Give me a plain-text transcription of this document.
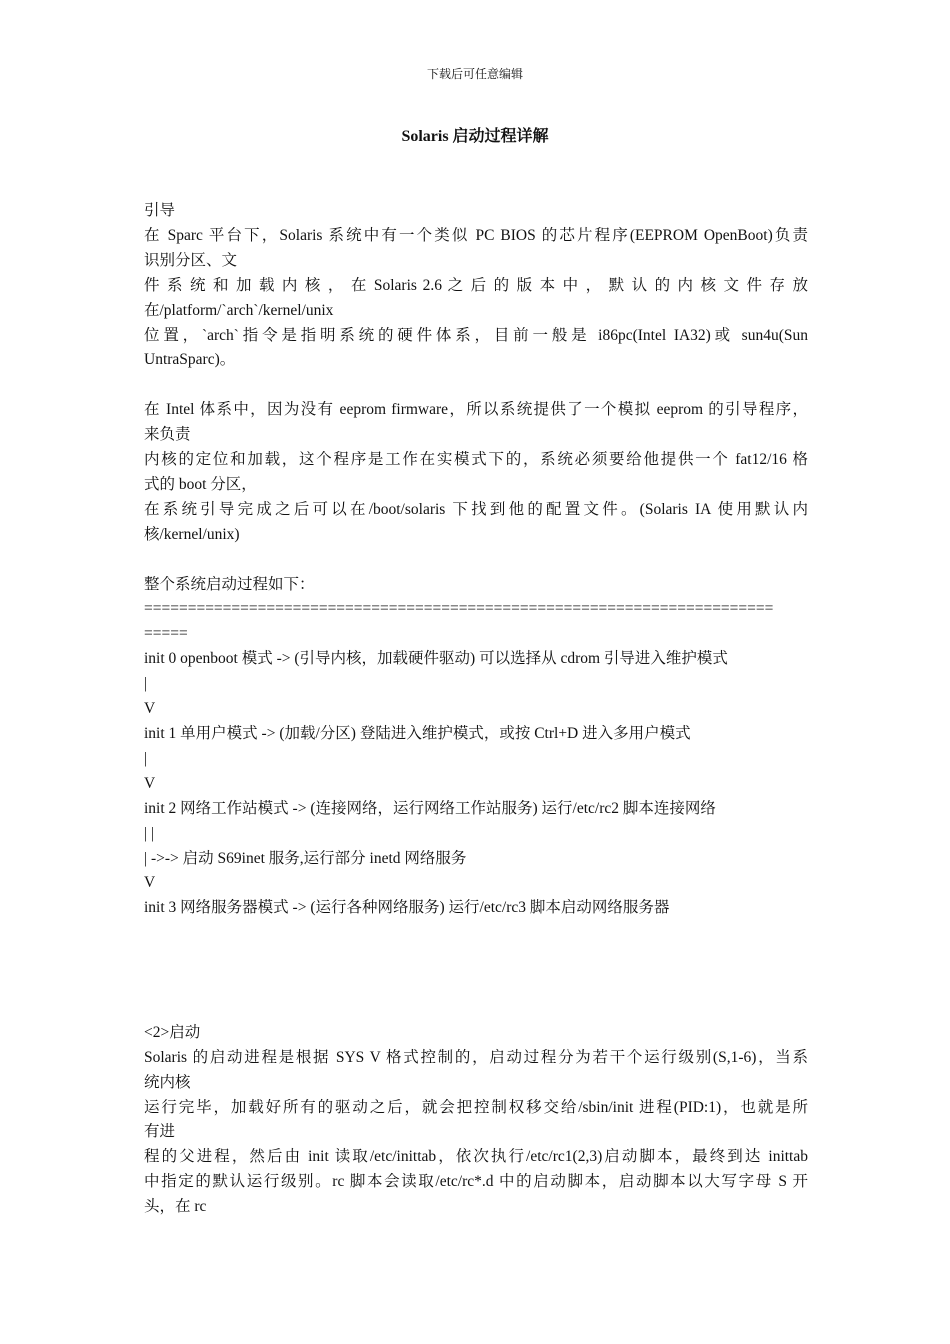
下载后可任意编辑
Solaris 启动过程详解

引导

在 Sparc 平台下，Solaris 系统中有一个类似 PC BIOS 的芯片程序(EEPROM OpenBoot)负责

识别分区、文

件 系 统 和 加 载 内 核 ， 在 Solaris 2.6 之 后 的 版 本 中 ， 默 认 的 内 核 文 件 存 放

在/platform/`arch`/kernel/unix

位置，`arch`指令是指明系统的硬件体系，目前一般是 i86pc(Intel IA32)或 sun4u(Sun

UntraSparc)。

在 Intel 体系中，因为没有 eeprom firmware，所以系统提供了一个模拟 eeprom 的引导程序，

来负责

内核的定位和加载，这个程序是工作在实模式下的，系统必须要给他提供一个 fat12/16 格

式的 boot 分区，

在系统引导完成之后可以在/boot/solaris 下找到他的配置文件。(Solaris IA 使用默认内

核/kernel/unix)

整个系统启动过程如下：

========================================================================

=====

init 0 openboot 模式 -> (引导内核，加载硬件驱动) 可以选择从 cdrom 引导进入维护模式

|

V

init 1 单用户模式 -> (加载/分区) 登陆进入维护模式，或按 Ctrl+D 进入多用户模式

|

V

init 2 网络工作站模式 -> (连接网络，运行网络工作站服务) 运行/etc/rc2 脚本连接网络

| |

| ->-> 启动 S69inet 服务,运行部分 inetd 网络服务

V

init 3 网络服务器模式 -> (运行各种网络服务) 运行/etc/rc3 脚本启动网络服务器

<2>启动

Solaris 的启动进程是根据 SYS V 格式控制的，启动过程分为若干个运行级别(S,1-6)，当系

统内核

运行完毕，加载好所有的驱动之后，就会把控制权移交给/sbin/init 进程(PID:1)，也就是所

有进

程的父进程，然后由 init 读取/etc/inittab，依次执行/etc/rc1(2,3)启动脚本，最终到达 inittab

中指定的默认运行级别。rc 脚本会读取/etc/rc*.d 中的启动脚本，启动脚本以大写字母 S 开

头，在 rc
